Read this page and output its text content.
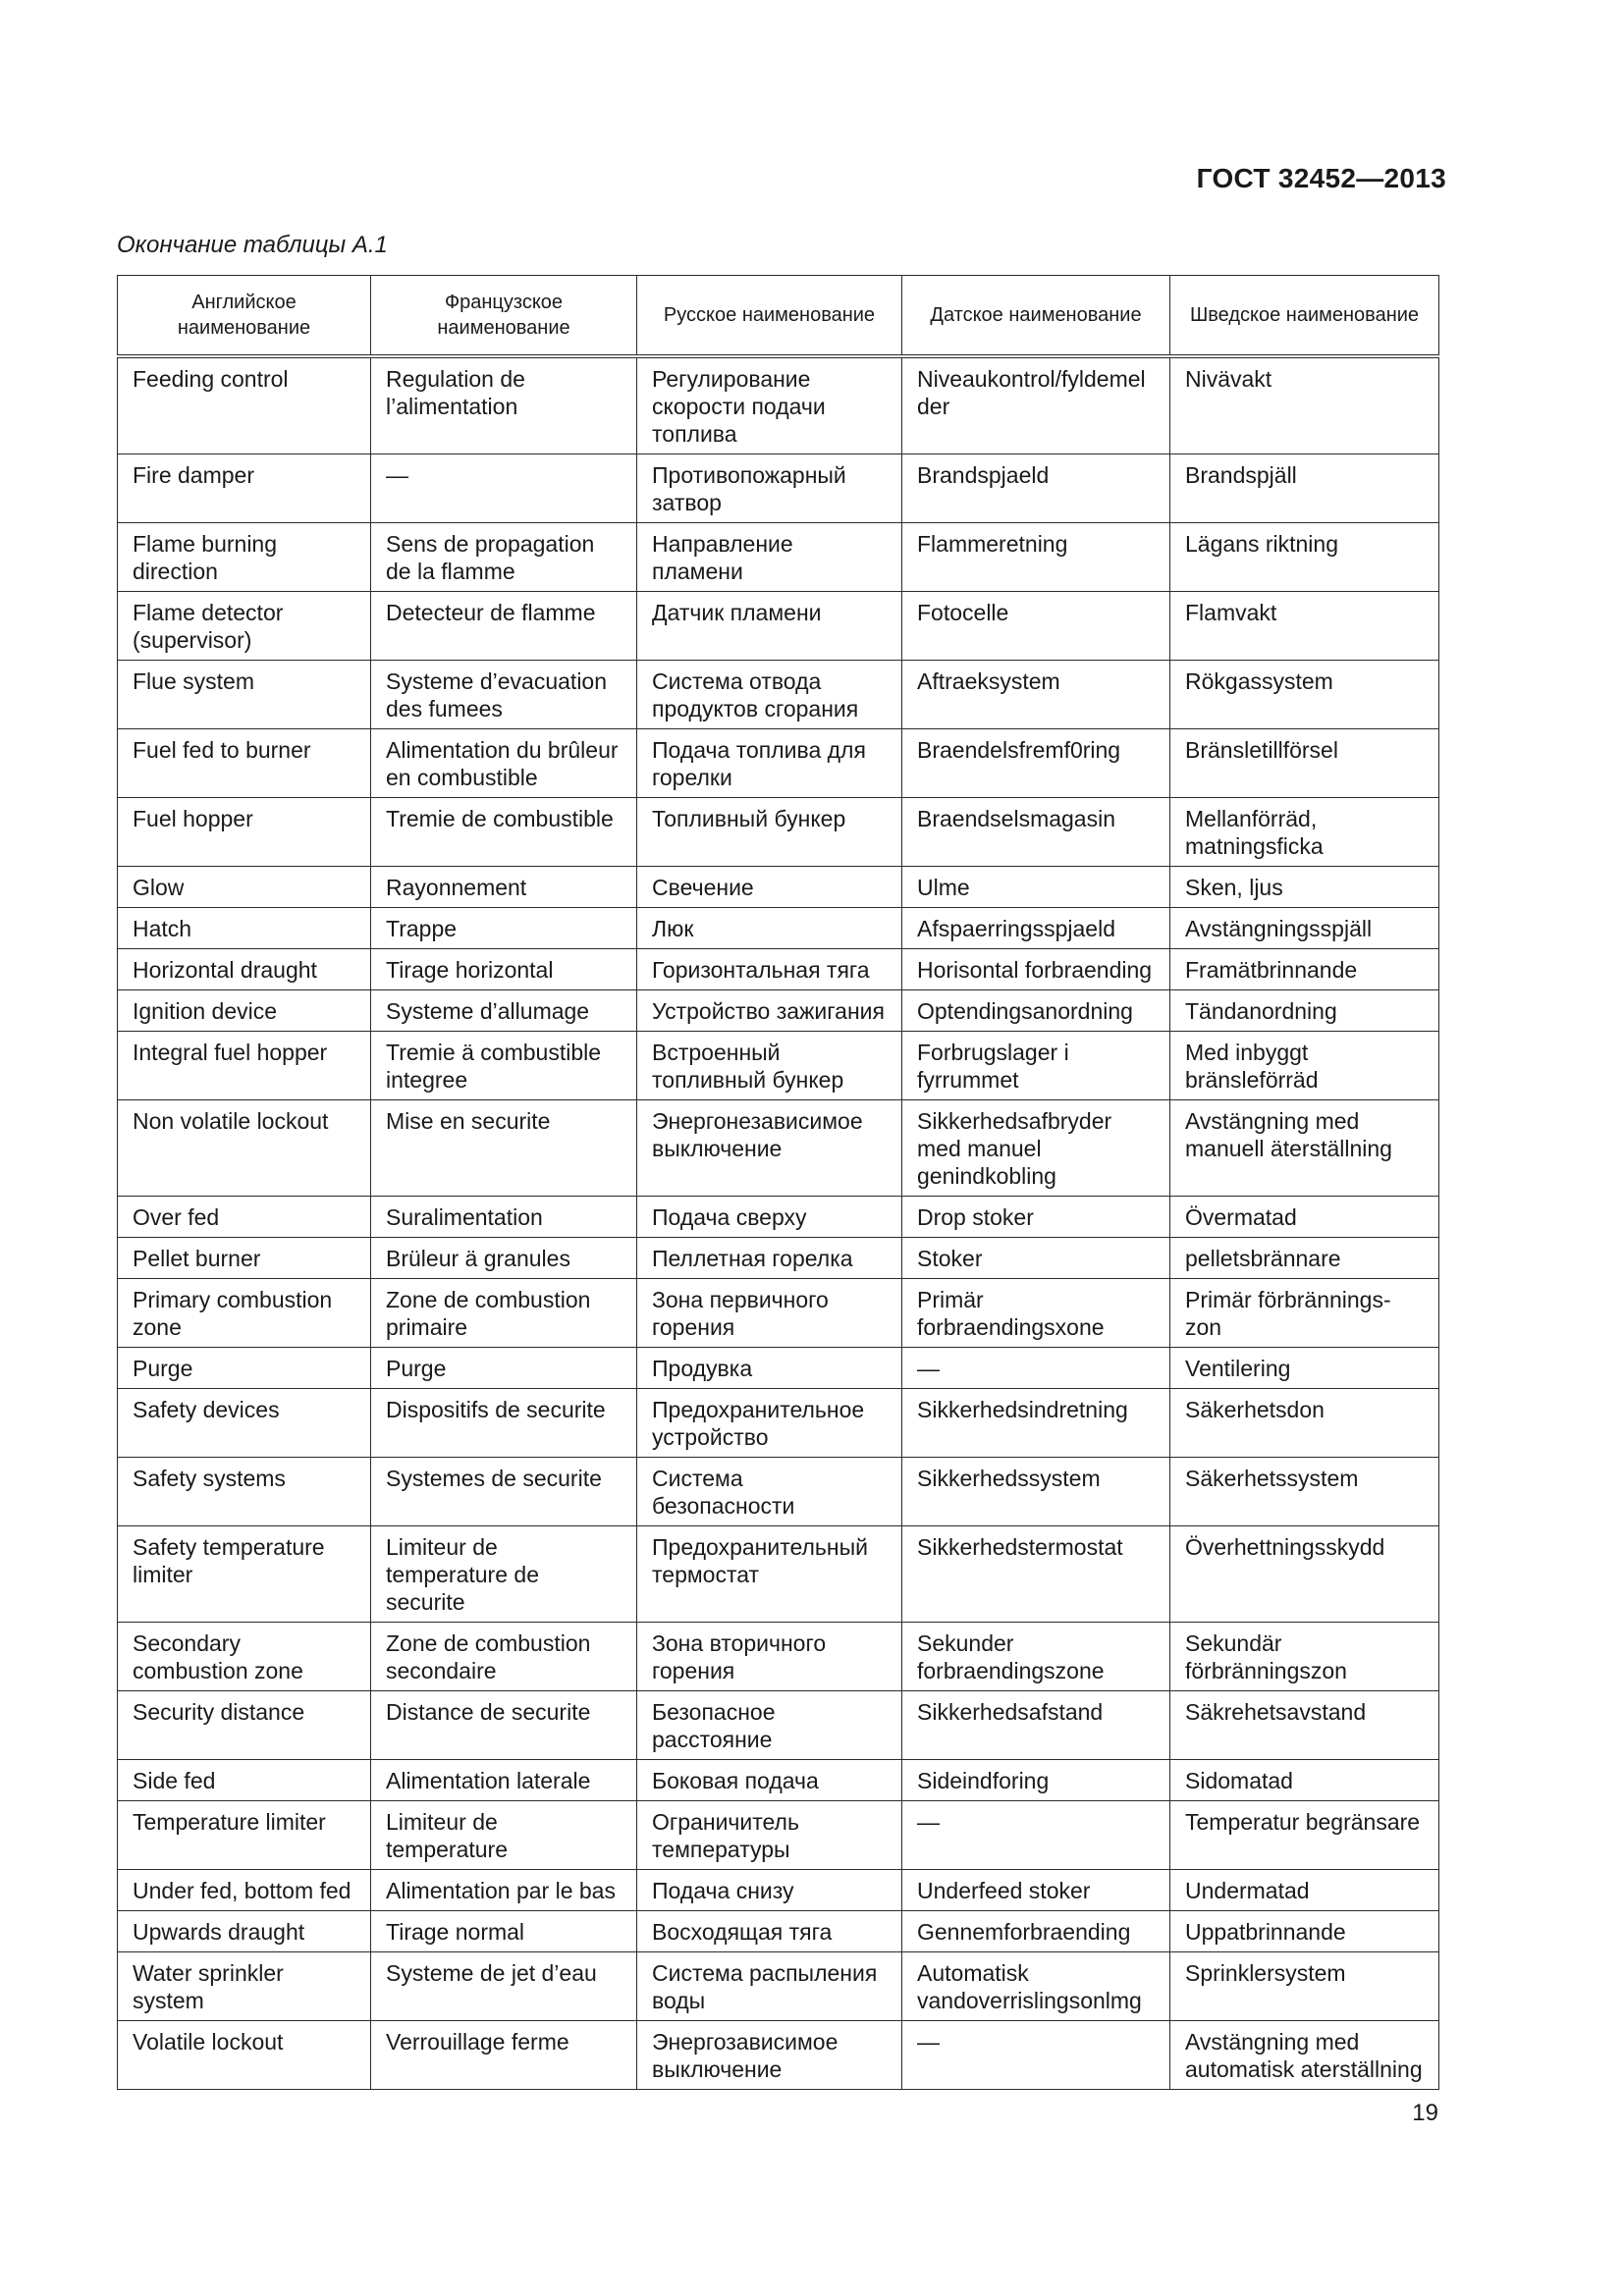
ГОСТ 32452—2013
Окончание таблицы А.1
Английское наименование	Французское наименование	Русское наименование	Датское наименование	Шведское наименование
Feeding control	Regulation de l’alimentation	Регулирование скорости подачи топлива	Niveaukontrol/fyldemelder	Nivävakt
Fire damper	—	Противопожарный затвор	Brandspjaeld	Brandspjäll
Flame burning direction	Sens de propagation de la flamme	Направление пламени	Flammeretning	Lägans riktning
Flame detector (supervisor)	Detecteur de flamme	Датчик пламени	Fotocelle	Flamvakt
Flue system	Systeme d’evacuation des fumees	Система отвода продуктов сгорания	Aftraeksystem	Rökgassystem
Fuel fed to burner	Alimentation du brûleur en combustible	Подача топлива для горелки	Braendelsfremf0ring	Bränsletillförsel
Fuel hopper	Tremie de combustible	Топливный бункер	Braendselsmagasin	Mellanförräd, matningsficka
Glow	Rayonnement	Свечение	Ulme	Sken, ljus
Hatch	Trappe	Люк	Afspaerringsspjaeld	Avstängningsspjäll
Horizontal draught	Tirage horizontal	Горизонтальная тяга	Horisontal forbraending	Framätbrinnande
Ignition device	Systeme d’allumage	Устройство зажигания	Optendingsanordning	Tändanordning
Integral fuel hopper	Tremie ä combustible integree	Встроенный топливный бункер	Forbrugslager i fyrrummet	Med inbyggt bränsleförräd
Non volatile lockout	Mise en securite	Энергонезависимое выключение	Sikkerhedsafbryder med manuel genindkobling	Avstängning med manuell äterställning
Over fed	Suralimentation	Подача сверху	Drop stoker	Övermatad
Pellet burner	Brüleur ä granules	Пеллетная горелка	Stoker	pelletsbrännare
Primary combustion zone	Zone de combustion primaire	Зона первичного горения	Primär forbraendingsxone	Primär förbrännings-zon
Purge	Purge	Продувка	—	Ventilering
Safety devices	Dispositifs de securite	Предохранительное устройство	Sikkerhedsindretning	Säkerhetsdon
Safety systems	Systemes de securite	Система безопасности	Sikkerhedssystem	Säkerhetssystem
Safety temperature limiter	Limiteur de temperature de securite	Предохранительный термостат	Sikkerhedstermostat	Överhettningsskydd
Secondary combustion zone	Zone de combustion secondaire	Зона вторичного горения	Sekunder forbraendingszone	Sekundär förbränningszon
Security distance	Distance de securite	Безопасное расстояние	Sikkerhedsafstand	Säkrehetsavstand
Side fed	Alimentation laterale	Боковая подача	Sideindforing	Sidomatad
Temperature limiter	Limiteur de temperature	Ограничитель температуры	—	Temperatur begränsare
Under fed, bottom fed	Alimentation par le bas	Подача снизу	Underfeed stoker	Undermatad
Upwards draught	Tirage normal	Восходящая тяга	Gennemforbraending	Uppatbrinnande
Water sprinkler system	Systeme de jet d’eau	Система распыления воды	Automatisk vandoverrislingsonlmg	Sprinklersystem
Volatile lockout	Verrouillage ferme	Энергозависимое выключение	—	Avstängning med automatisk aterställning
19
